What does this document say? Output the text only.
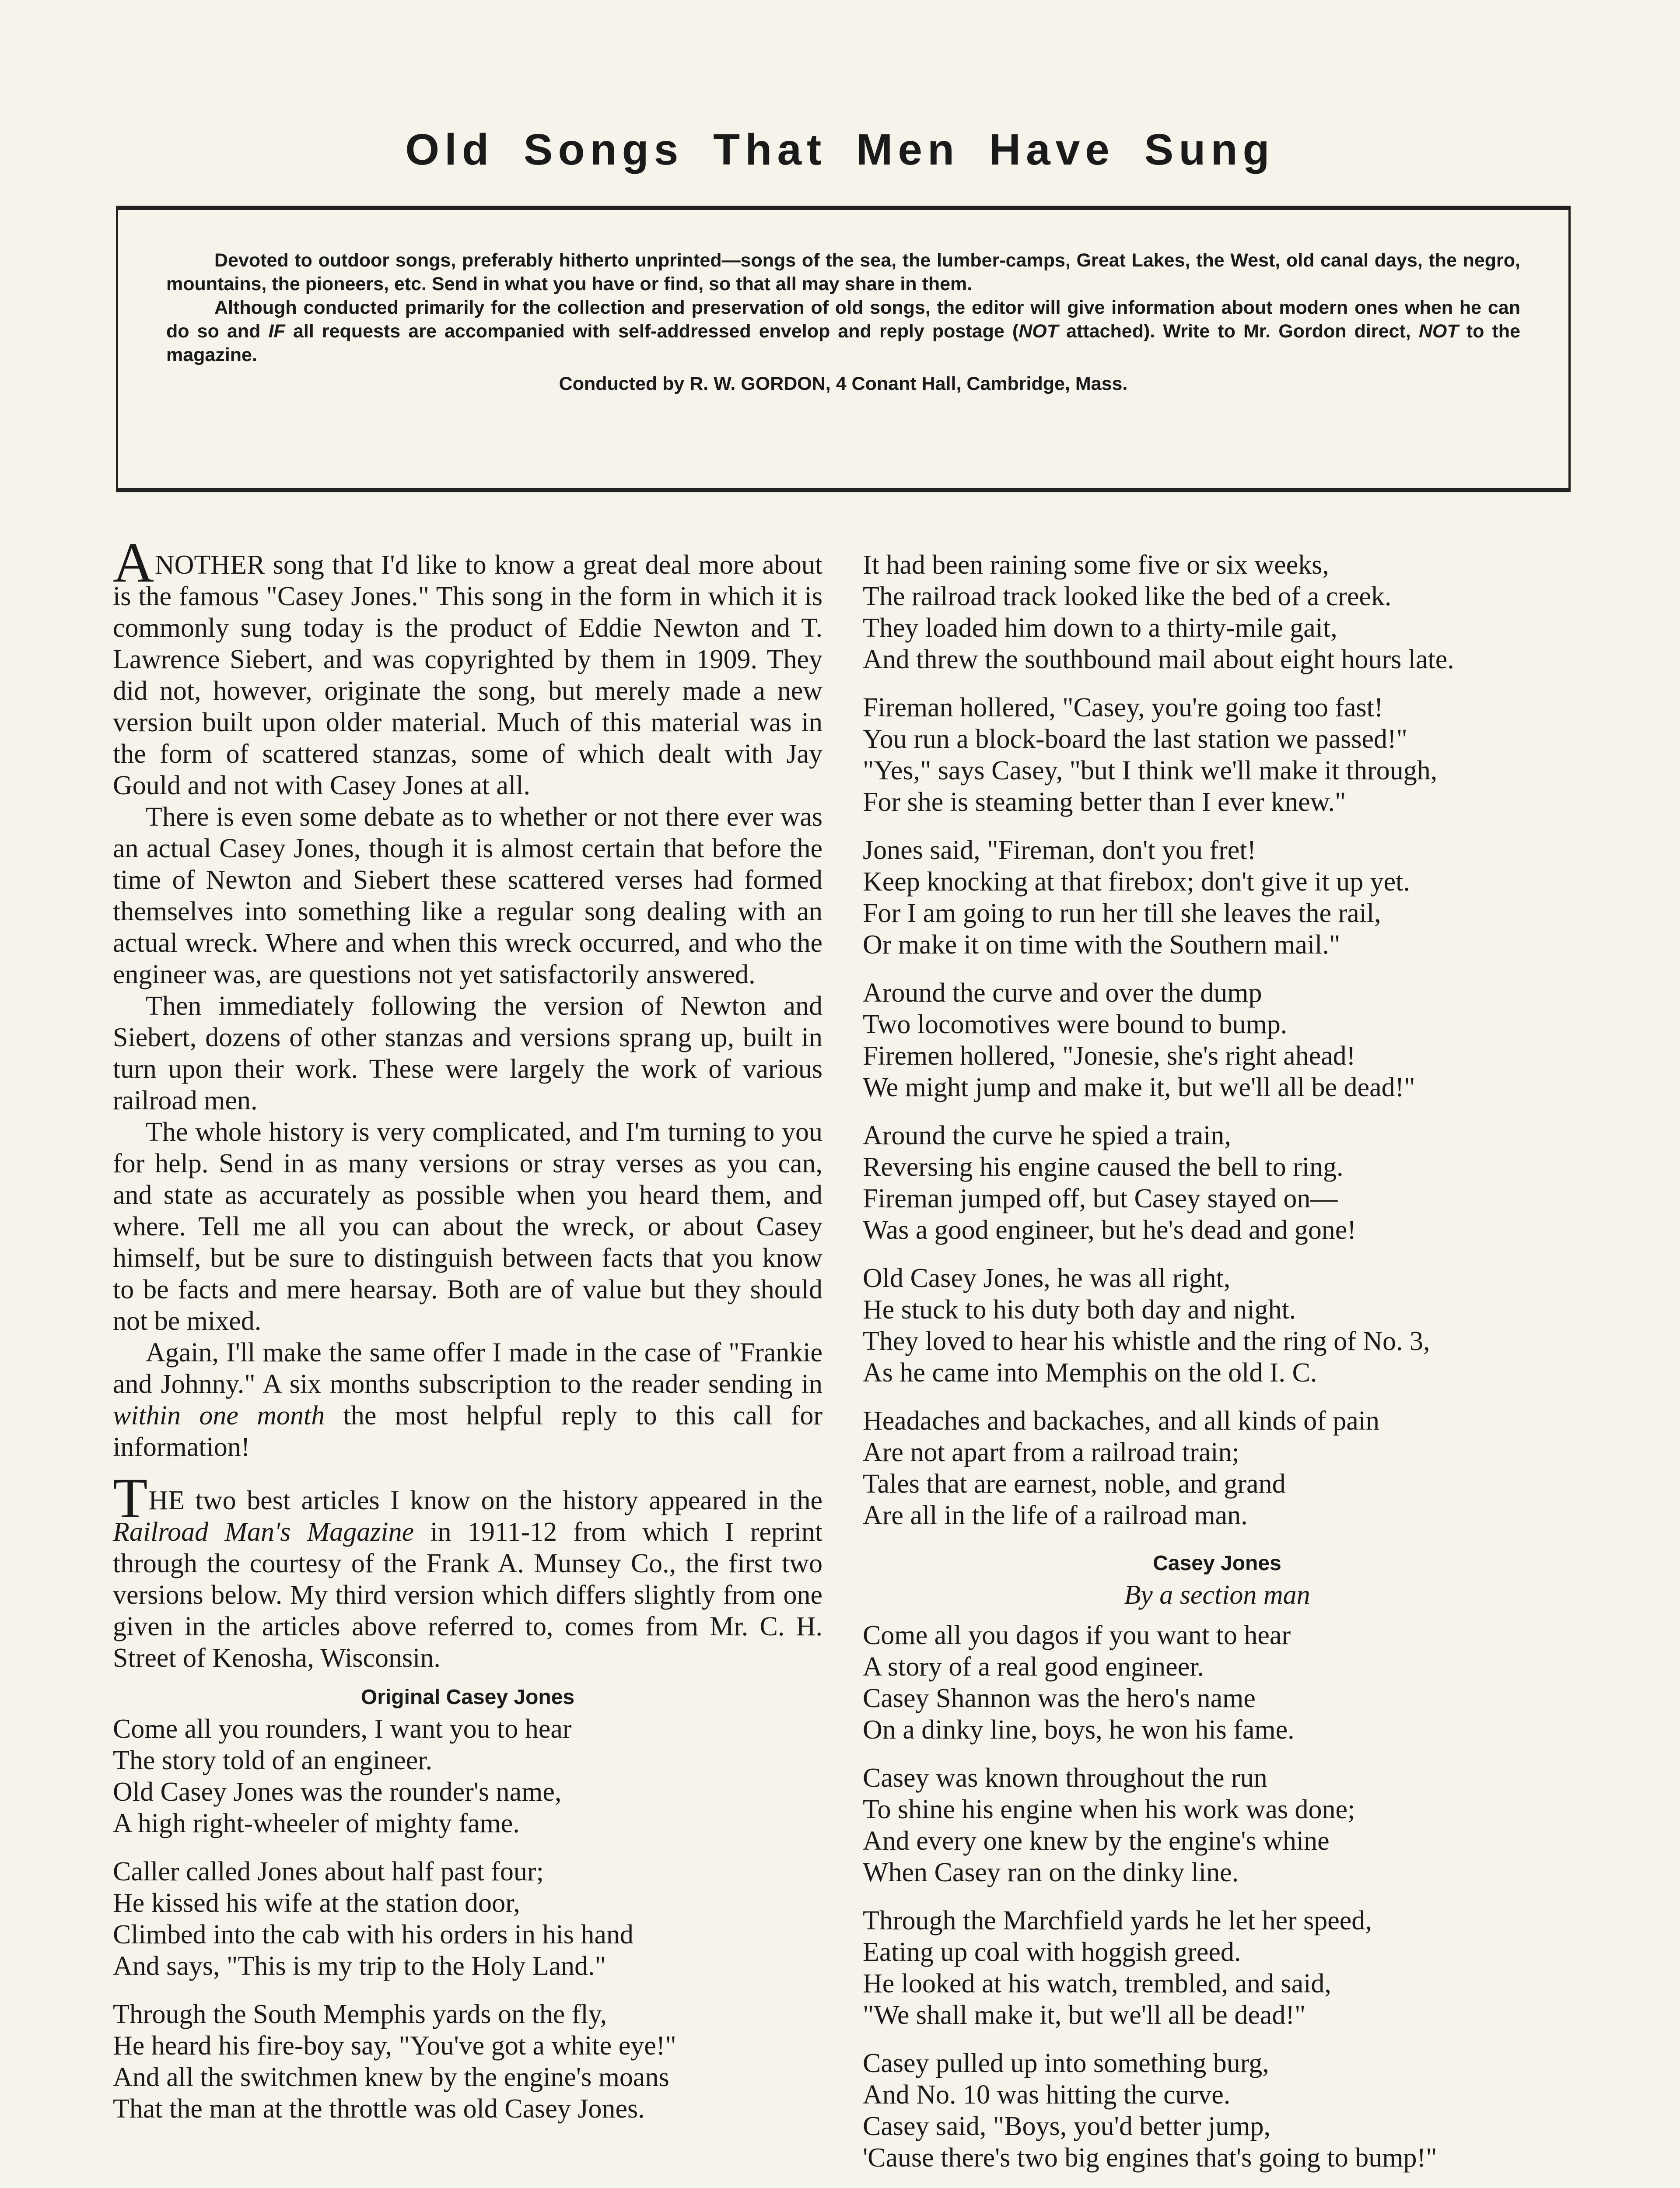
Old Songs That Men Have Sung

Devoted to outdoor songs, preferably hitherto unprinted—songs of the sea, the lumber-camps, Great Lakes, the West, old canal days, the negro, mountains, the pioneers, etc. Send in what you have or find, so that all may share in them.

Although conducted primarily for the collection and preservation of old songs, the editor will give information about modern ones when he can do so and IF all requests are accompanied with self-addressed envelop and reply postage (NOT attached). Write to Mr. Gordon direct, NOT to the magazine.

Conducted by R. W. GORDON, 4 Conant Hall, Cambridge, Mass.

ANOTHER song that I'd like to know a great deal more about is the famous "Casey Jones." This song in the form in which it is commonly sung today is the product of Eddie Newton and T. Lawrence Siebert, and was copyrighted by them in 1909. They did not, however, originate the song, but merely made a new version built upon older material. Much of this material was in the form of scattered stanzas, some of which dealt with Jay Gould and not with Casey Jones at all.

There is even some debate as to whether or not there ever was an actual Casey Jones, though it is almost certain that before the time of Newton and Siebert these scattered verses had formed themselves into something like a regular song dealing with an actual wreck. Where and when this wreck occurred, and who the engineer was, are questions not yet satisfactorily answered.

Then immediately following the version of Newton and Siebert, dozens of other stanzas and versions sprang up, built in turn upon their work. These were largely the work of various railroad men.

The whole history is very complicated, and I'm turning to you for help. Send in as many versions or stray verses as you can, and state as accurately as possible when you heard them, and where. Tell me all you can about the wreck, or about Casey himself, but be sure to distinguish between facts that you know to be facts and mere hearsay. Both are of value but they should not be mixed.

Again, I'll make the same offer I made in the case of "Frankie and Johnny." A six months subscription to the reader sending in within one month the most helpful reply to this call for information!

THE two best articles I know on the history appeared in the Railroad Man's Magazine in 1911-12 from which I reprint through the courtesy of the Frank A. Munsey Co., the first two versions below. My third version which differs slightly from one given in the articles above referred to, comes from Mr. C. H. Street of Kenosha, Wisconsin.

Original Casey Jones
Come all you rounders, I want you to hear
The story told of an engineer.
Old Casey Jones was the rounder's name,
A high right-wheeler of mighty fame.
Caller called Jones about half past four;
He kissed his wife at the station door,
Climbed into the cab with his orders in his hand
And says, "This is my trip to the Holy Land."
Through the South Memphis yards on the fly,
He heard his fire-boy say, "You've got a white eye!"
And all the switchmen knew by the engine's moans
That the man at the throttle was old Casey Jones.
It had been raining some five or six weeks,
The railroad track looked like the bed of a creek.
They loaded him down to a thirty-mile gait,
And threw the southbound mail about eight hours late.
Fireman hollered, "Casey, you're going too fast!
You run a block-board the last station we passed!"
"Yes," says Casey, "but I think we'll make it through,
For she is steaming better than I ever knew."
Jones said, "Fireman, don't you fret!
Keep knocking at that firebox; don't give it up yet.
For I am going to run her till she leaves the rail,
Or make it on time with the Southern mail."
Around the curve and over the dump
Two locomotives were bound to bump.
Firemen hollered, "Jonesie, she's right ahead!
We might jump and make it, but we'll all be dead!"
Around the curve he spied a train,
Reversing his engine caused the bell to ring.
Fireman jumped off, but Casey stayed on—
Was a good engineer, but he's dead and gone!
Old Casey Jones, he was all right,
He stuck to his duty both day and night.
They loved to hear his whistle and the ring of No. 3,
As he came into Memphis on the old I. C.
Headaches and backaches, and all kinds of pain
Are not apart from a railroad train;
Tales that are earnest, noble, and grand
Are all in the life of a railroad man.
Casey Jones
By a section man
Come all you dagos if you want to hear
A story of a real good engineer.
Casey Shannon was the hero's name
On a dinky line, boys, he won his fame.
Casey was known throughout the run
To shine his engine when his work was done;
And every one knew by the engine's whine
When Casey ran on the dinky line.
Through the Marchfield yards he let her speed,
Eating up coal with hoggish greed.
He looked at his watch, trembled, and said,
"We shall make it, but we'll all be dead!"
Casey pulled up into something burg,
And No. 10 was hitting the curve.
Casey said, "Boys, you'd better jump,
'Cause there's two big engines that's going to bump!"
